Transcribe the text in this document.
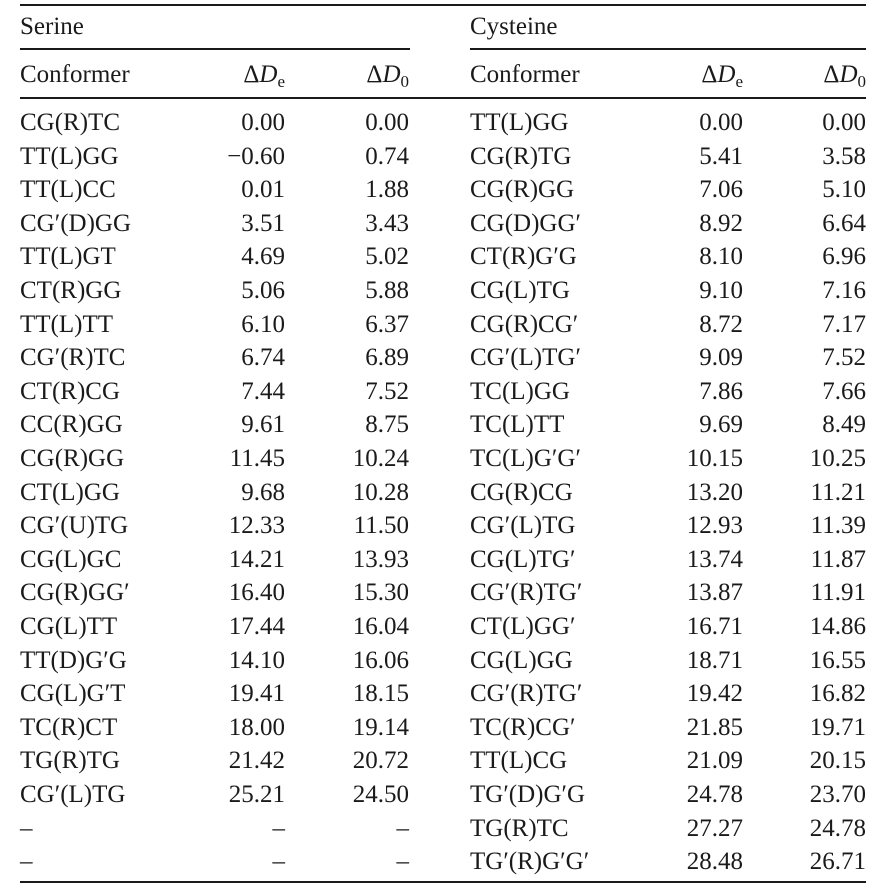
Serine	Cysteine
Conformer	$\Delta D_e$	$\Delta D_0$ Conformer	$\Delta D_e$	$\Delta D_0$
CG(R)TC	0.00	0.00 TT(L)GG	0.00	0.00
TT(L)GG	−0.60	0.74 CG(R)TG	5.41	3.58
TT(L)CC	0.01	1.88 CG(R)GG	7.06	5.10
CG′(D)GG	3.51	3.43 CG(D)GG′	8.92	6.64
TT(L)GT	4.69	5.02 CT(R)G′G	8.10	6.96
CT(R)GG	5.06	5.88 CG(L)TG	9.10	7.16
TT(L)TT	6.10	6.37 CG(R)CG′	8.72	7.17
CG′(R)TC	6.74	6.89 CG′(L)TG′	9.09	7.52
CT(R)CG	7.44	7.52 TC(L)GG	7.86	7.66
CC(R)GG	9.61	8.75 TC(L)TT	9.69	8.49
CG(R)GG	11.45	10.24 TC(L)G′G′	10.15	10.25
CT(L)GG	9.68	10.28 CG(R)CG	13.20	11.21
CG′(U)TG	12.33	11.50 CG′(L)TG	12.93	11.39
CG(L)GC	14.21	13.93 CG(L)TG′	13.74	11.87
CG(R)GG′	16.40	15.30 CG′(R)TG′	13.87	11.91
CG(L)TT	17.44	16.04 CT(L)GG′	16.71	14.86
TT(D)G′G	14.10	16.06 CG(L)GG	18.71	16.55
CG(L)G′T	19.41	18.15 CG′(R)TG′	19.42	16.82
TC(R)CT	18.00	19.14 TC(R)CG′	21.85	19.71
TG(R)TG	21.42	20.72 TT(L)CG	21.09	20.15
CG′(L)TG	25.21	24.50 TG′(D)G′G	24.78	23.70
–	–	– TG(R)TC	27.27	24.78
–	–	– TG′(R)G′G′	28.48	26.71
